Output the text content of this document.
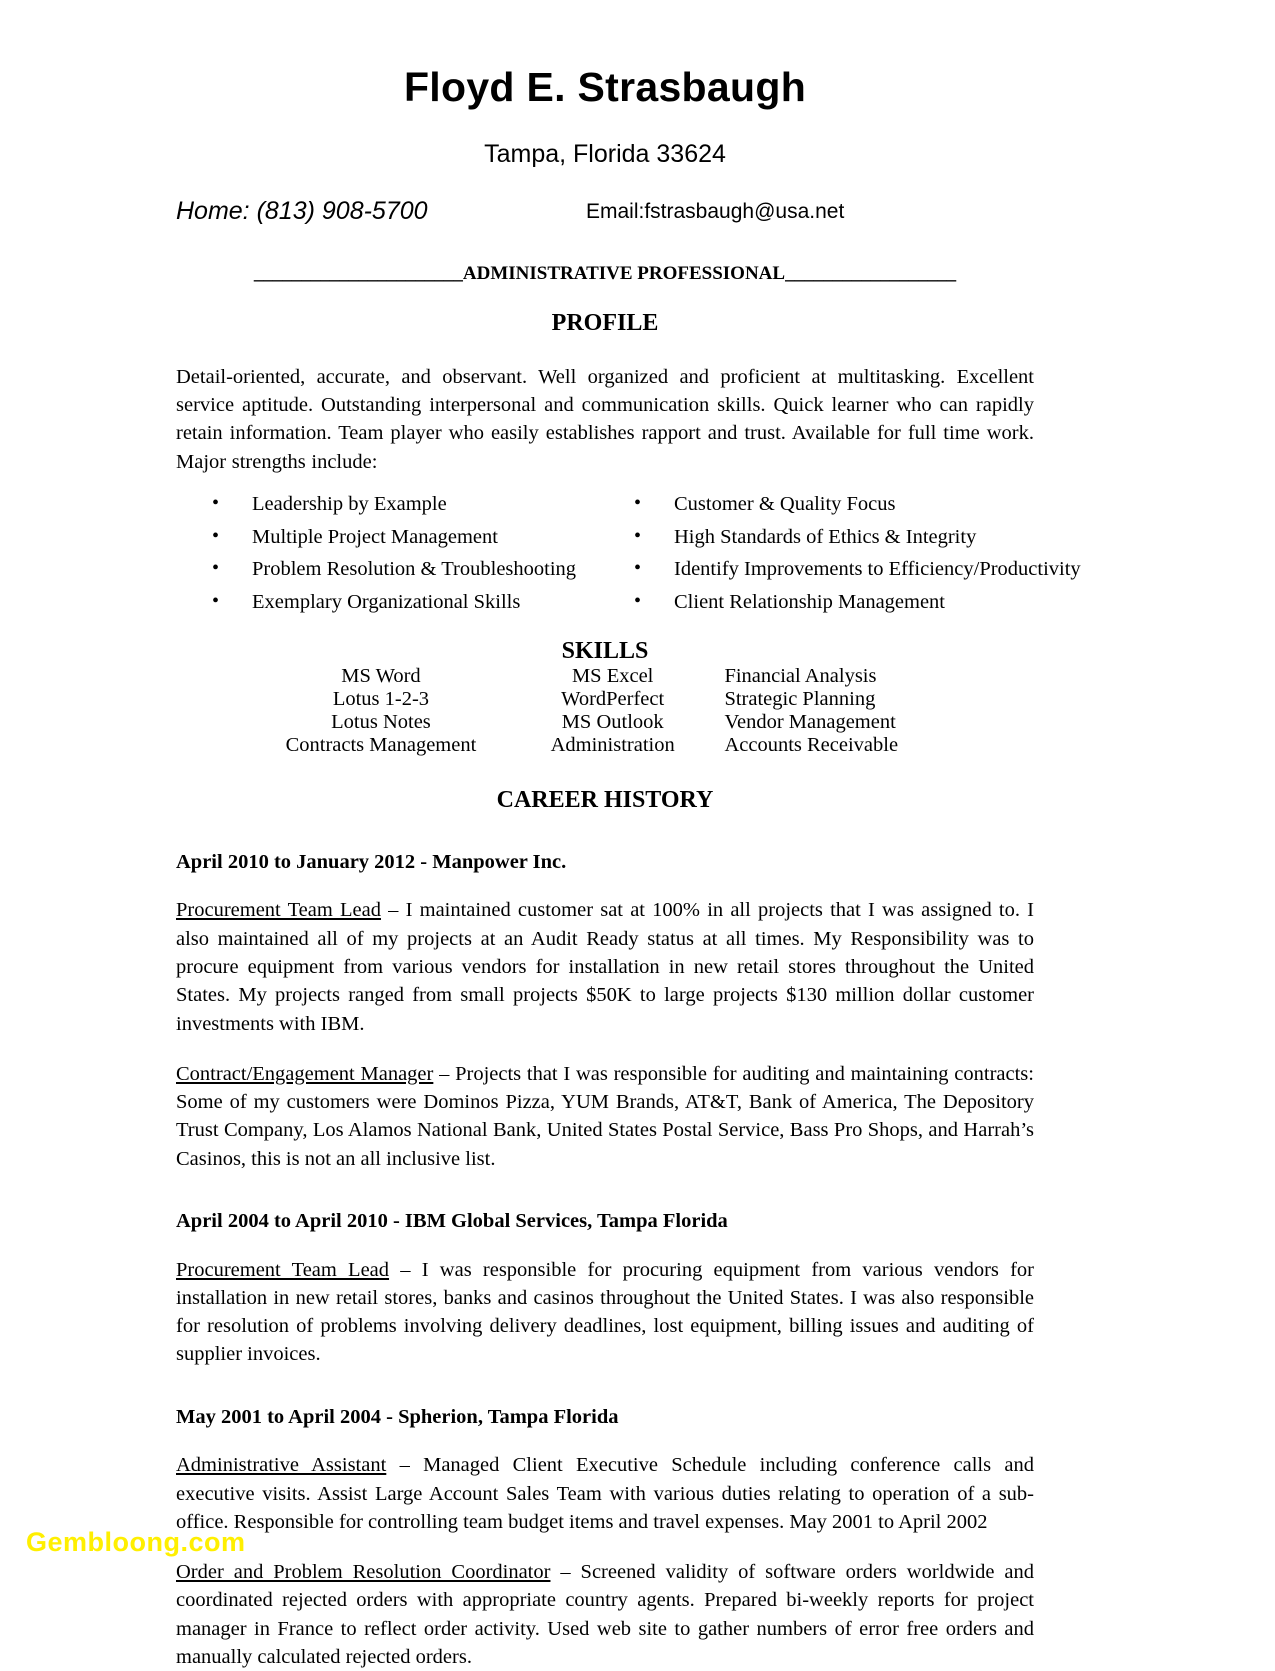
Floyd E. Strasbaugh
Tampa, Florida 33624
Home: (813) 908-5700	Email:fstrasbaugh@usa.net
______________________ADMINISTRATIVE PROFESSIONAL__________________
PROFILE

Detail-oriented, accurate, and observant. Well organized and proficient at multitasking. Excellent service aptitude. Outstanding interpersonal and communication skills. Quick learner who can rapidly retain information. Team player who easily establishes rapport and trust. Available for full time work. Major strengths include:

• Leadership by Example
• Multiple Project Management
• Problem Resolution & Troubleshooting
• Exemplary Organizational Skills
• Customer & Quality Focus
• High Standards of Ethics & Integrity
• Identify Improvements to Efficiency/Productivity
• Client Relationship Management
SKILLS
MS Word	MS Excel	Financial Analysis
Lotus 1-2-3	WordPerfect	Strategic Planning
Lotus Notes	MS Outlook	Vendor Management
Contracts Management	Administration	Accounts Receivable
CAREER HISTORY
April 2010 to January 2012 - Manpower Inc.

Procurement Team Lead – I maintained customer sat at 100% in all projects that I was assigned to. I also maintained all of my projects at an Audit Ready status at all times. My Responsibility was to procure equipment from various vendors for installation in new retail stores throughout the United States. My projects ranged from small projects $50K to large projects $130 million dollar customer investments with IBM.

Contract/Engagement Manager – Projects that I was responsible for auditing and maintaining contracts: Some of my customers were Dominos Pizza, YUM Brands, AT&T, Bank of America, The Depository Trust Company, Los Alamos National Bank, United States Postal Service, Bass Pro Shops, and Harrah’s Casinos, this is not an all inclusive list.

April 2004 to April 2010 - IBM Global Services, Tampa Florida

Procurement Team Lead – I was responsible for procuring equipment from various vendors for installation in new retail stores, banks and casinos throughout the United States. I was also responsible for resolution of problems involving delivery deadlines, lost equipment, billing issues and auditing of supplier invoices.

May 2001 to April 2004 - Spherion, Tampa Florida

Administrative Assistant – Managed Client Executive Schedule including conference calls and executive visits. Assist Large Account Sales Team with various duties relating to operation of a sub-office. Responsible for controlling team budget items and travel expenses. May 2001 to April 2002

Order and Problem Resolution Coordinator – Screened validity of software orders worldwide and coordinated rejected orders with appropriate country agents. Prepared bi-weekly reports for project manager in France to reflect order activity. Used web site to gather numbers of error free orders and manually calculated rejected orders.

Gembloong.com
